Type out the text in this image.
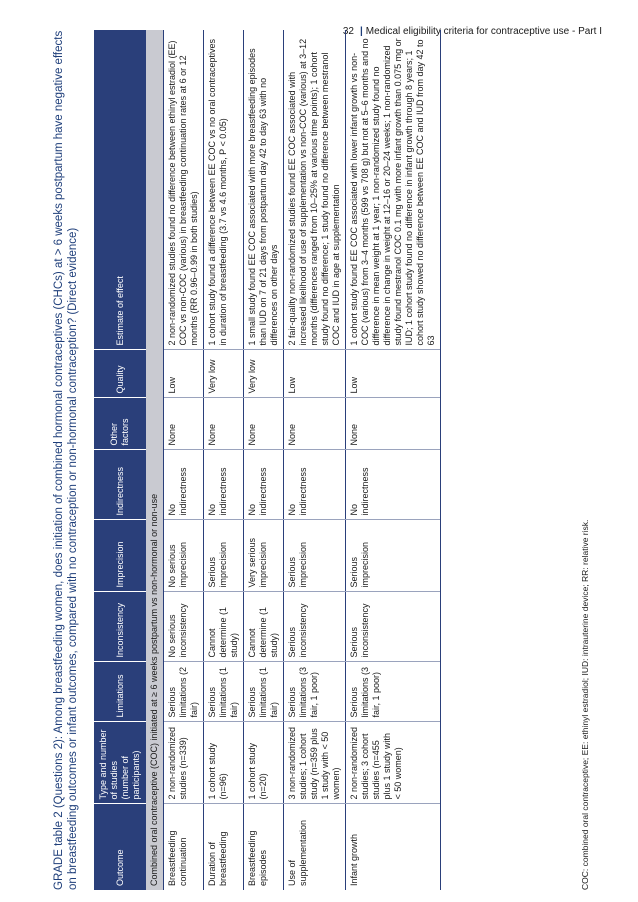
32 | Medical eligibility criteria for contraceptive use - Part I
GRADE table 2 (Questions 2): Among breastfeeding women, does initiation of combined hormonal contraceptives (CHCs) at > 6 weeks postpartum have negative effects on breastfeeding outcomes or infant outcomes, compared with no contraception or non-hormonal contraception? (Direct evidence)	Outcome	Type and number of studies (number of participants)	Limitations	Inconsistency	Imprecision	Indirectness	Other factors	Quality	Estimate of effect
Combined oral contraceptive (COC) initiated at ≥ 6 weeks postpartum vs non-hormonal or non-use								
Breastfeeding continuation	2 non-randomized studies (n=339)	Serious limitations (2 fair)	No serious inconsistency	No serious imprecision	No indirectness	None	Low	2 non-randomized studies found no difference between ethinyl estradiol (EE) COC vs non-COC (various) in breastfeeding continuation rates at 6 or 12 months (RR 0.96–0.99 in both studies)
Duration of breastfeeding	1 cohort study (n=96)	Serious limitations (1 fair)	Cannot determine (1 study)	Serious imprecision	No indirectness	None	Very low	1 cohort study found a difference between EE COC vs no oral contraceptives in duration of breastfeeding (3.7 vs 4.6 months, P < 0.05)
Breastfeeding episodes	1 cohort study (n=20)	Serious limitations (1 fair)	Cannot determine (1 study)	Very serious imprecision	No indirectness	None	Very low	1 small study found EE COC associated with more breastfeeding episodes than IUD on 7 of 21 days from postpartum day 42 to day 63 with no differences on other days
Use of supplementation	3 non-randomized studies; 1 cohort study (n=359 plus 1 study with < 50 women)	Serious limitations (3 fair, 1 poor)	Serious inconsistency	Serious imprecision	No indirectness	None	Low	2 fair-quality non-randomized studies found EE COC associated with increased likelihood of use of supplementation vs non-COC (various) at 3–12 months (differences ranged from 10–25% at various time points); 1 cohort study found no difference; 1 study found no difference between mestranol COC and IUD in age at supplementation
Infant growth	2 non-randomized studies; 3 cohort studies (n=455 plus 1 study with < 50 women)	Serious limitations (3 fair, 1 poor)	Serious inconsistency	Serious imprecision	No indirectness	None	Low	1 cohort study found EE COC associated with lower infant growth vs non-COC (various) from 3–4 months (599 vs 708 g) but not at 5–6 months and no difference in mean weight at 1 year; 1 non-randomized study found no difference in change in weight at 12–16 or 20–24 weeks; 1 non-randomized study found mestranol COC 0.1 mg with more infant growth than 0.075 mg or IUD; 1 cohort study found no difference in infant growth through 8 years; 1 cohort study showed no difference between EE COC and IUD from day 42 to 63
COC: combined oral contraceptive; EE: ethinyl estradiol; IUD: intrauterine device; RR: relative risk.
